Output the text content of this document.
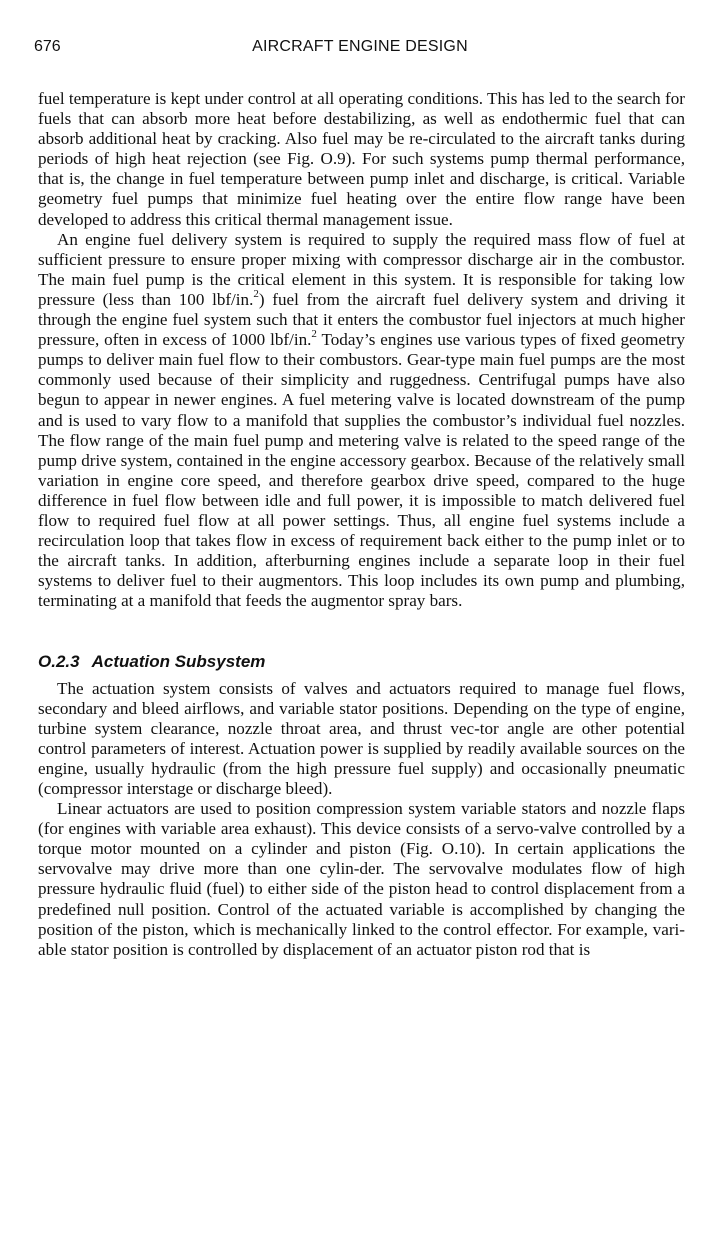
676	AIRCRAFT ENGINE DESIGN

fuel temperature is kept under control at all operating conditions. This has led to the search for fuels that can absorb more heat before destabilizing, as well as endothermic fuel that can absorb additional heat by cracking. Also fuel may be re-circulated to the aircraft tanks during periods of high heat rejection (see Fig. O.9). For such systems pump thermal performance, that is, the change in fuel temperature between pump inlet and discharge, is critical. Variable geometry fuel pumps that minimize fuel heating over the entire flow range have been developed to address this critical thermal management issue.

An engine fuel delivery system is required to supply the required mass flow of fuel at sufficient pressure to ensure proper mixing with compressor discharge air in the combustor. The main fuel pump is the critical element in this system. It is responsible for taking low pressure (less than 100 lbf/in.$^2$) fuel from the aircraft fuel delivery system and driving it through the engine fuel system such that it enters the combustor fuel injectors at much higher pressure, often in excess of 1000 lbf/in.$^2$ Today’s engines use various types of fixed geometry pumps to deliver main fuel flow to their combustors. Gear-type main fuel pumps are the most commonly used because of their simplicity and ruggedness. Centrifugal pumps have also begun to appear in newer engines. A fuel metering valve is located downstream of the pump and is used to vary flow to a manifold that supplies the combustor’s individual fuel nozzles. The flow range of the main fuel pump and metering valve is related to the speed range of the pump drive system, contained in the engine accessory gearbox. Because of the relatively small variation in engine core speed, and therefore gearbox drive speed, compared to the huge difference in fuel flow between idle and full power, it is impossible to match delivered fuel flow to required fuel flow at all power settings. Thus, all engine fuel systems include a recirculation loop that takes flow in excess of requirement back either to the pump inlet or to the aircraft tanks. In addition, afterburning engines include a separate loop in their fuel systems to deliver fuel to their augmentors. This loop includes its own pump and plumbing, terminating at a manifold that feeds the augmentor spray bars.

O.2.3 Actuation Subsystem

The actuation system consists of valves and actuators required to manage fuel flows, secondary and bleed airflows, and variable stator positions. Depending on the type of engine, turbine system clearance, nozzle throat area, and thrust vec-tor angle are other potential control parameters of interest. Actuation power is supplied by readily available sources on the engine, usually hydraulic (from the high pressure fuel supply) and occasionally pneumatic (compressor interstage or discharge bleed).

Linear actuators are used to position compression system variable stators and nozzle flaps (for engines with variable area exhaust). This device consists of a servo-valve controlled by a torque motor mounted on a cylinder and piston (Fig. O.10). In certain applications the servovalve may drive more than one cylin-der. The servovalve modulates flow of high pressure hydraulic fluid (fuel) to either side of the piston head to control displacement from a predefined null position. Control of the actuated variable is accomplished by changing the position of the piston, which is mechanically linked to the control effector. For example, vari-able stator position is controlled by displacement of an actuator piston rod that is
